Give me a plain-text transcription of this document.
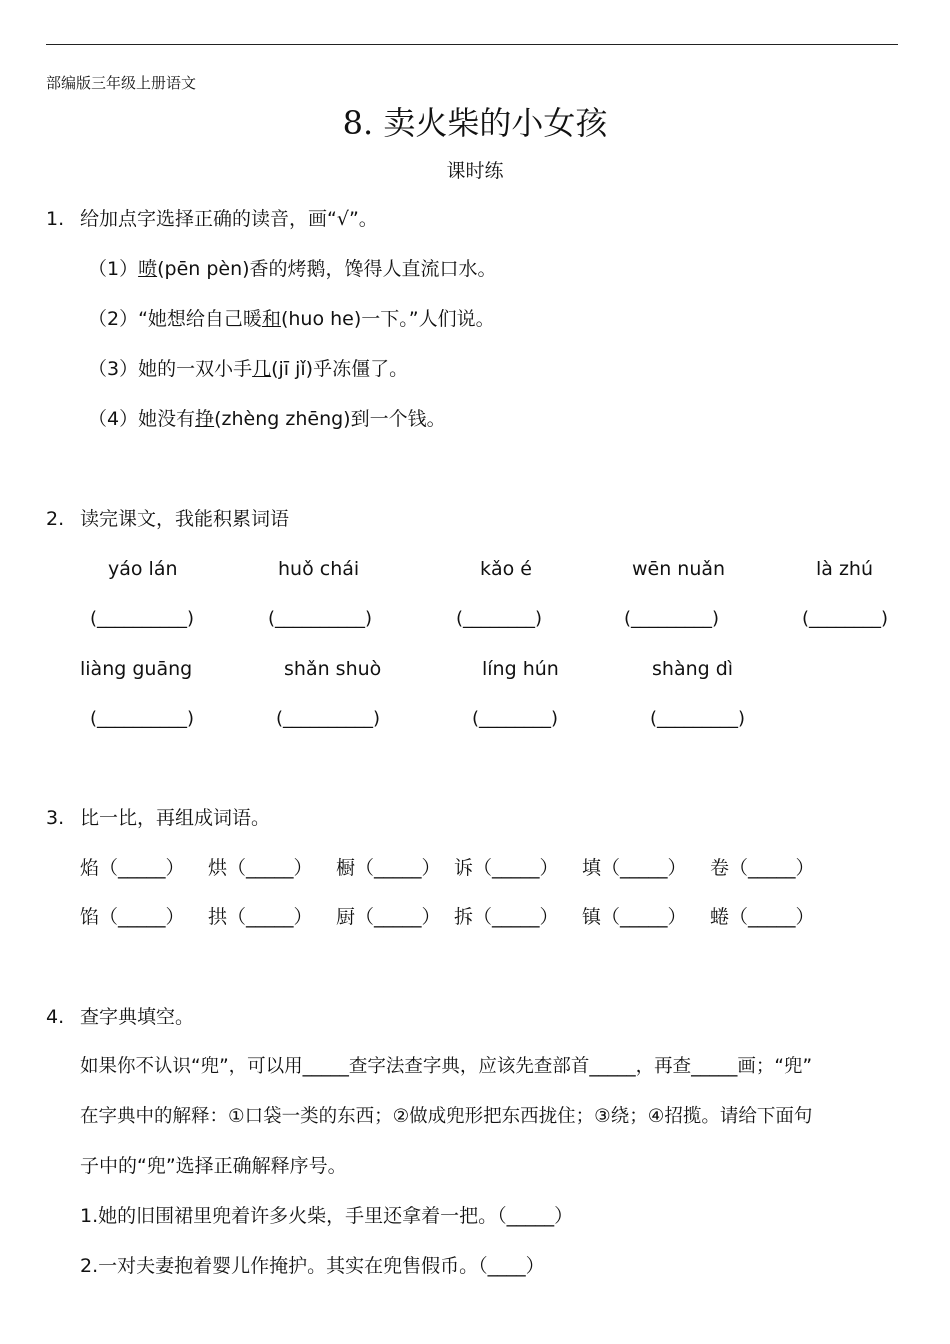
部编版三年级上册语文
8. 卖火柴的小女孩
课时练
1. 给加点字选择正确的读音，画“√”。
（1）喷(pēn pèn)香的烤鹅，馋得人直流口水。
（2）“她想给自己暖和(huo he)一下。”人们说。
（3）她的一双小手几(jī jǐ)乎冻僵了。
（4）她没有挣(zhèng zhēng)到一个钱。
2. 读完课文，我能积累词语
yáo lán	huǒ chái	kǎo é	wēn nuǎn	là zhú
(__________)	(__________)	(________)	(_________)	(________)
liàng guāng	shǎn shuò	líng hún	shàng dì
(__________)	(__________)	(________)	(_________)
3. 比一比，再组成词语。
焰（_____） 烘（_____） 橱（_____） 诉（_____） 填（_____） 卷（_____）
馅（_____） 拱（_____） 厨（_____） 拆（_____） 镇（_____） 蜷（_____）
4. 查字典填空。
如果你不认识“兜”，可以用_____查字法查字典，应该先查部首_____，再查_____画；“兜”
在字典中的解释：①口袋一类的东西；②做成兜形把东西拢住；③绕；④招揽。请给下面句
子中的“兜”选择正确解释序号。
1.她的旧围裙里兜着许多火柴，手里还拿着一把。（_____）
2.一对夫妻抱着婴儿作掩护。其实在兜售假币。（____）
